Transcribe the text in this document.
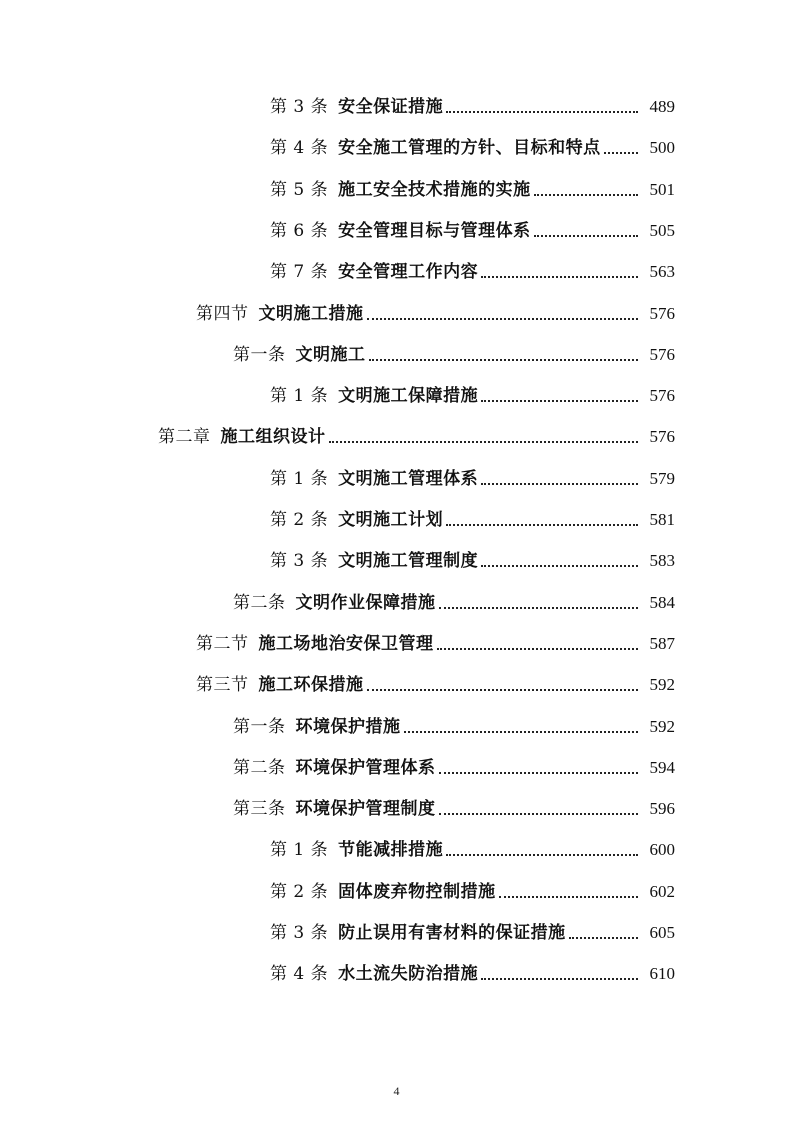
第 3 条 安全保证措施	489
第 4 条 安全施工管理的方针、目标和特点	500
第 5 条 施工安全技术措施的实施	501
第 6 条 安全管理目标与管理体系	505
第 7 条 安全管理工作内容	563
第四节 文明施工措施	576
第一条 文明施工	576
第 1 条 文明施工保障措施	576
第二章 施工组织设计	576
第 1 条 文明施工管理体系	579
第 2 条 文明施工计划	581
第 3 条 文明施工管理制度	583
第二条 文明作业保障措施	584
第二节 施工场地治安保卫管理	587
第三节 施工环保措施	592
第一条 环境保护措施	592
第二条 环境保护管理体系	594
第三条 环境保护管理制度	596
第 1 条 节能减排措施	600
第 2 条 固体废弃物控制措施	602
第 3 条 防止误用有害材料的保证措施	605
第 4 条 水土流失防治措施	610
4
